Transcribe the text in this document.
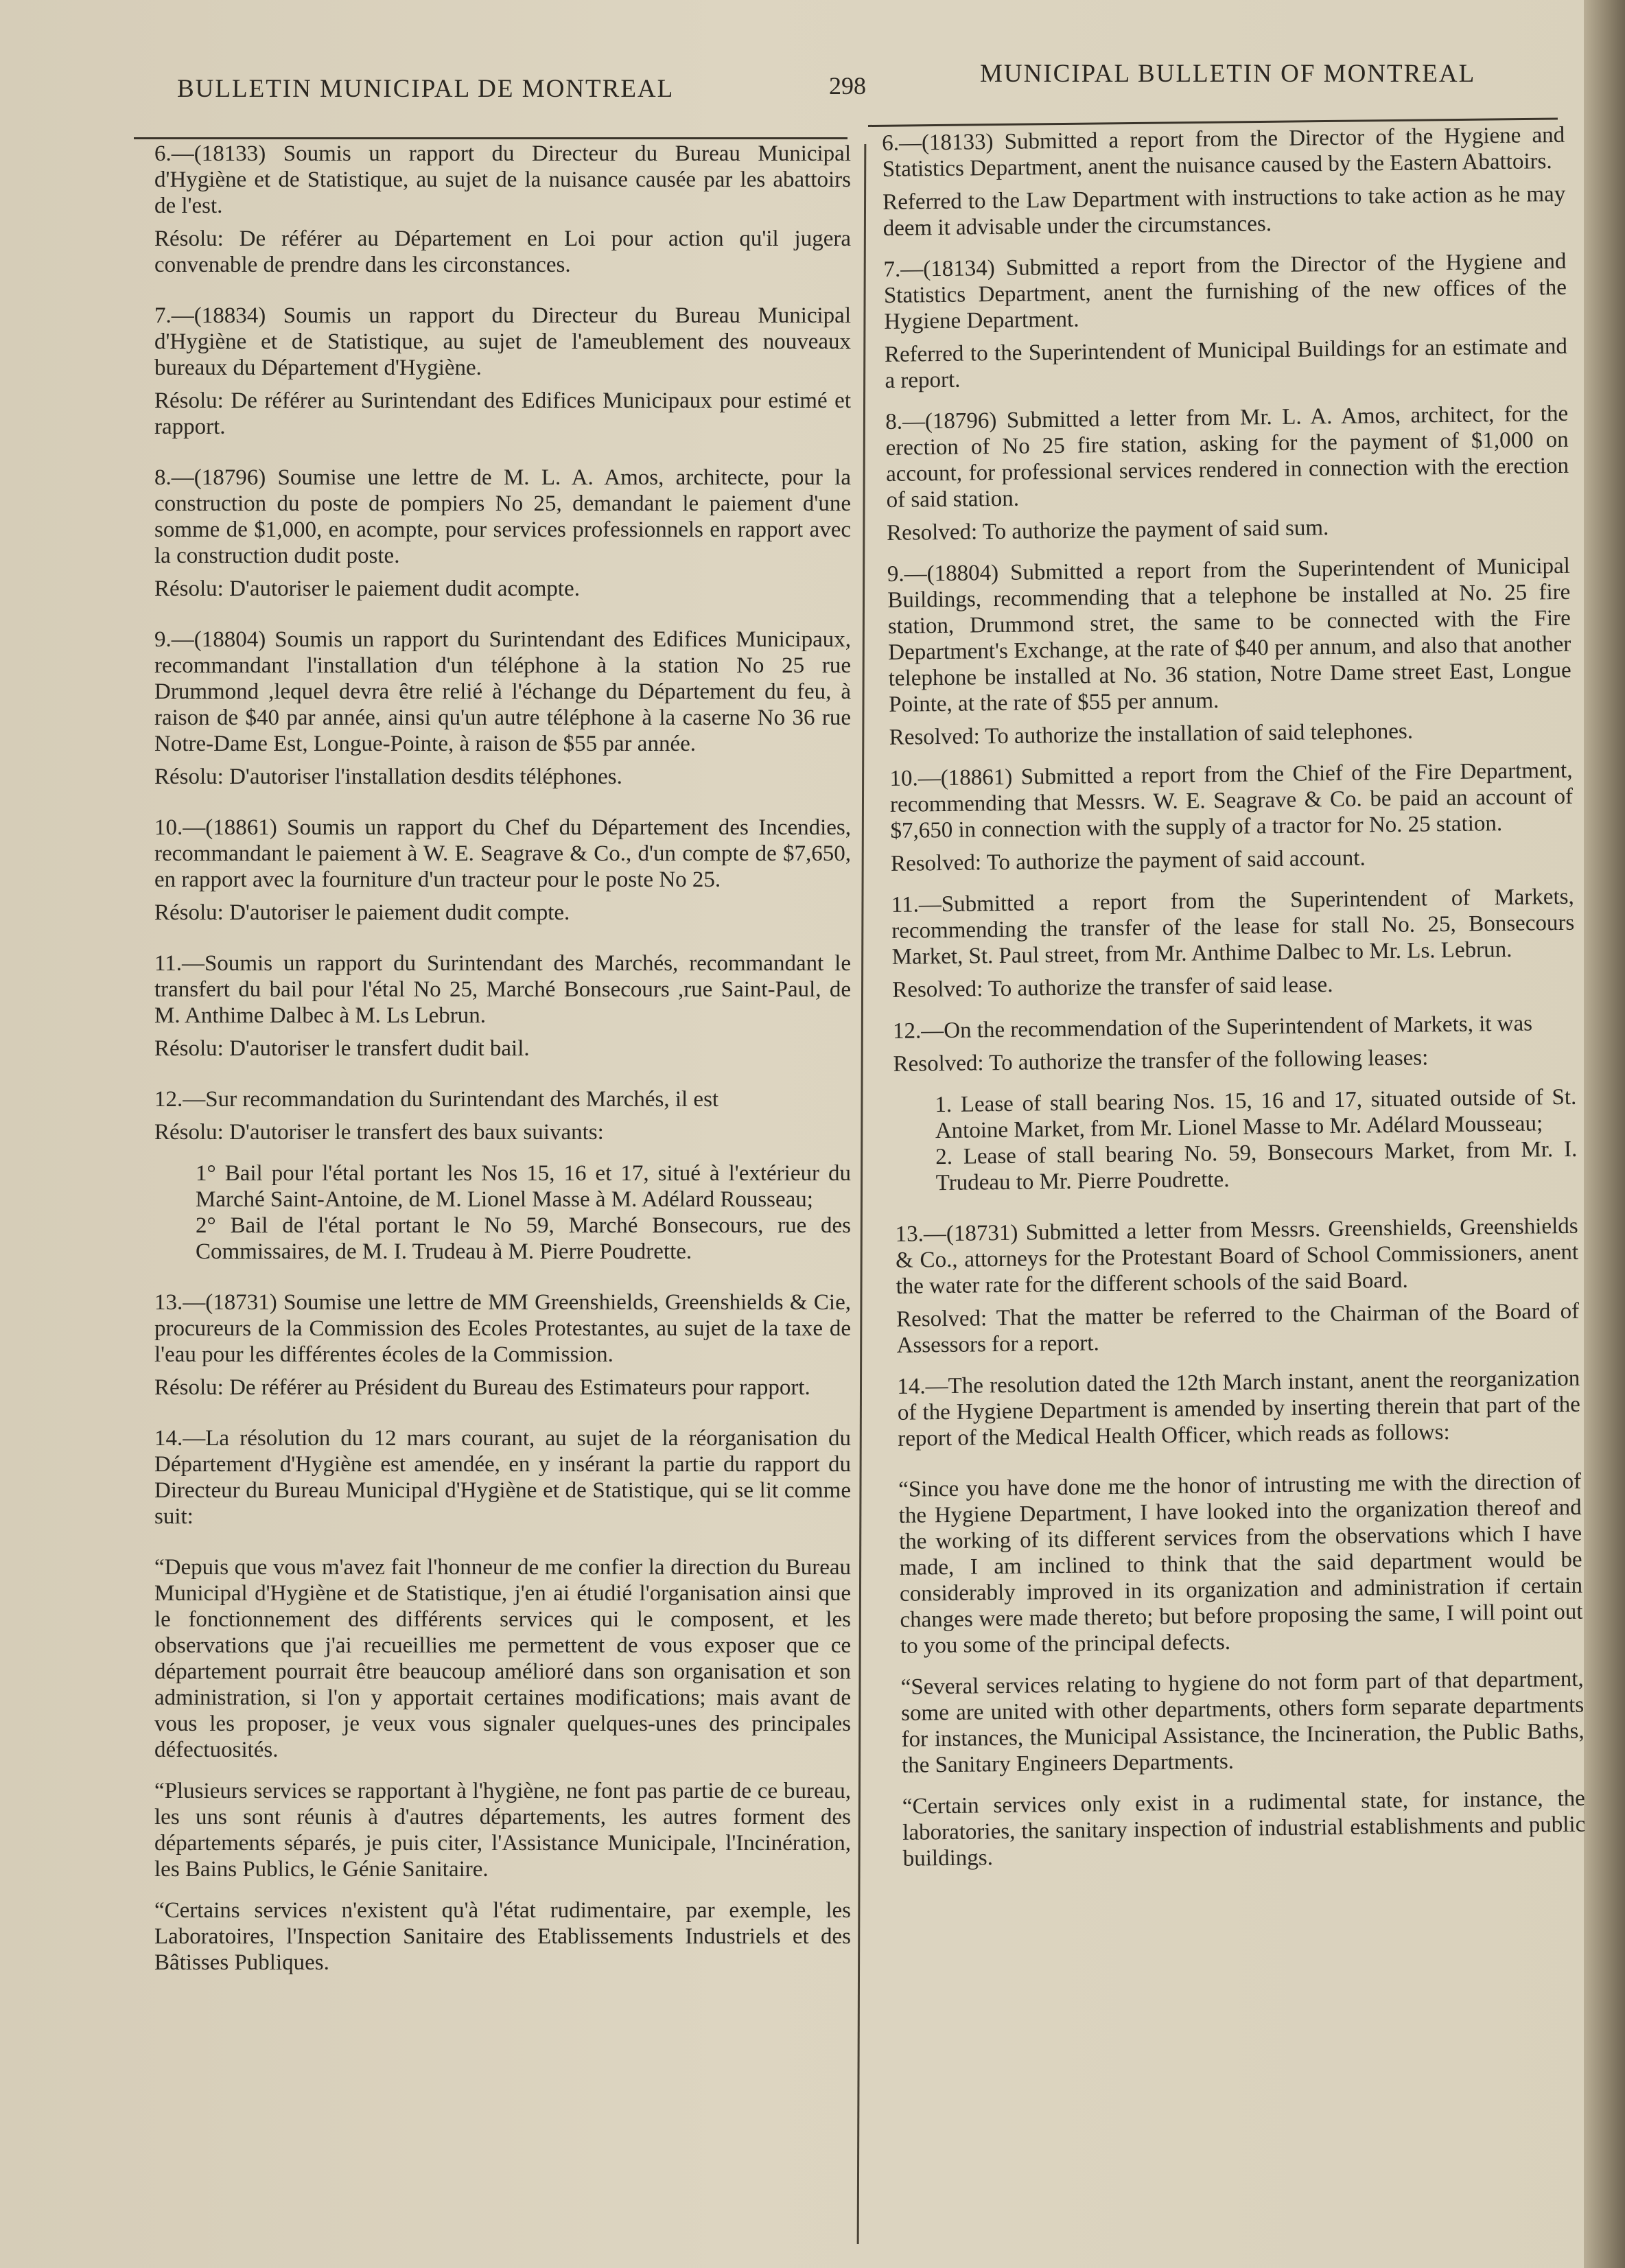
BULLETIN MUNICIPAL DE MONTREAL	298	MUNICIPAL BULLETIN OF MONTREAL

6.—(18133) Soumis un rapport du Directeur du Bureau Municipal d'Hygiène et de Statistique, au sujet de la nuisance causée par les abattoirs de l'est.

Résolu: De référer au Département en Loi pour action qu'il jugera convenable de prendre dans les circonstances.

7.—(18834) Soumis un rapport du Directeur du Bureau Municipal d'Hygiène et de Statistique, au sujet de l'ameublement des nouveaux bureaux du Département d'Hygiène.

Résolu: De référer au Surintendant des Edifices Municipaux pour estimé et rapport.

8.—(18796) Soumise une lettre de M. L. A. Amos, architecte, pour la construction du poste de pompiers No 25, demandant le paiement d'une somme de $1,000, en acompte, pour services professionnels en rapport avec la construction dudit poste.

Résolu: D'autoriser le paiement dudit acompte.

9.—(18804) Soumis un rapport du Surintendant des Edifices Municipaux, recommandant l'installation d'un téléphone à la station No 25 rue Drummond ,lequel devra être relié à l'échange du Département du feu, à raison de $40 par année, ainsi qu'un autre téléphone à la caserne No 36 rue Notre-Dame Est, Longue-Pointe, à raison de $55 par année.

Résolu: D'autoriser l'installation desdits téléphones.

10.—(18861) Soumis un rapport du Chef du Département des Incendies, recommandant le paiement à W. E. Seagrave & Co., d'un compte de $7,650, en rapport avec la fourniture d'un tracteur pour le poste No 25.

Résolu: D'autoriser le paiement dudit compte.

11.—Soumis un rapport du Surintendant des Marchés, recommandant le transfert du bail pour l'étal No 25, Marché Bonsecours ,rue Saint-Paul, de M. Anthime Dalbec à M. Ls Lebrun.

Résolu: D'autoriser le transfert dudit bail.

12.—Sur recommandation du Surintendant des Marchés, il est

Résolu: D'autoriser le transfert des baux suivants:

1° Bail pour l'étal portant les Nos 15, 16 et 17, situé à l'extérieur du Marché Saint-Antoine, de M. Lionel Masse à M. Adélard Rousseau;

2° Bail de l'étal portant le No 59, Marché Bonsecours, rue des Commissaires, de M. I. Trudeau à M. Pierre Poudrette.

13.—(18731) Soumise une lettre de MM Greenshields, Greenshields & Cie, procureurs de la Commission des Ecoles Protestantes, au sujet de la taxe de l'eau pour les différentes écoles de la Commission.

Résolu: De référer au Président du Bureau des Estimateurs pour rapport.

14.—La résolution du 12 mars courant, au sujet de la réorganisation du Département d'Hygiène est amendée, en y insérant la partie du rapport du Directeur du Bureau Municipal d'Hygiène et de Statistique, qui se lit comme suit:

“Depuis que vous m'avez fait l'honneur de me confier la direction du Bureau Municipal d'Hygiène et de Statistique, j'en ai étudié l'organisation ainsi que le fonctionnement des différents services qui le composent, et les observations que j'ai recueillies me permettent de vous exposer que ce département pourrait être beaucoup amélioré dans son organisation et son administration, si l'on y apportait certaines modifications; mais avant de vous les proposer, je veux vous signaler quelques-unes des principales défectuosités.

“Plusieurs services se rapportant à l'hygiène, ne font pas partie de ce bureau, les uns sont réunis à d'autres départements, les autres forment des départements séparés, je puis citer, l'Assistance Municipale, l'Incinération, les Bains Publics, le Génie Sanitaire.

“Certains services n'existent qu'à l'état rudimentaire, par exemple, les Laboratoires, l'Inspection Sanitaire des Etablissements Industriels et des Bâtisses Publiques.

6.—(18133) Submitted a report from the Director of the Hygiene and Statistics Department, anent the nuisance caused by the Eastern Abattoirs.

Referred to the Law Department with instructions to take action as he may deem it advisable under the circumstances.

7.—(18134) Submitted a report from the Director of the Hygiene and Statistics Department, anent the furnishing of the new offices of the Hygiene Department.

Referred to the Superintendent of Municipal Buildings for an estimate and a report.

8.—(18796) Submitted a letter from Mr. L. A. Amos, architect, for the erection of No 25 fire station, asking for the payment of $1,000 on account, for professional services rendered in connection with the erection of said station.

Resolved: To authorize the payment of said sum.

9.—(18804) Submitted a report from the Superintendent of Municipal Buildings, recommending that a telephone be installed at No. 25 fire station, Drummond stret, the same to be connected with the Fire Department's Exchange, at the rate of $40 per annum, and also that another telephone be installed at No. 36 station, Notre Dame street East, Longue Pointe, at the rate of $55 per annum.

Resolved: To authorize the installation of said telephones.

10.—(18861) Submitted a report from the Chief of the Fire Department, recommending that Messrs. W. E. Seagrave & Co. be paid an account of $7,650 in connection with the supply of a tractor for No. 25 station.

Resolved: To authorize the payment of said account.

11.—Submitted a report from the Superintendent of Markets, recommending the transfer of the lease for stall No. 25, Bonsecours Market, St. Paul street, from Mr. Anthime Dalbec to Mr. Ls. Lebrun.

Resolved: To authorize the transfer of said lease.

12.—On the recommendation of the Superintendent of Markets, it was

Resolved: To authorize the transfer of the following leases:

1. Lease of stall bearing Nos. 15, 16 and 17, situated outside of St. Antoine Market, from Mr. Lionel Masse to Mr. Adélard Mousseau;

2. Lease of stall bearing No. 59, Bonsecours Market, from Mr. I. Trudeau to Mr. Pierre Poudrette.

13.—(18731) Submitted a letter from Messrs. Greenshields, Greenshields & Co., attorneys for the Protestant Board of School Commissioners, anent the water rate for the different schools of the said Board.

Resolved: That the matter be referred to the Chairman of the Board of Assessors for a report.

14.—The resolution dated the 12th March instant, anent the reorganization of the Hygiene Department is amended by inserting therein that part of the report of the Medical Health Officer, which reads as follows:

“Since you have done me the honor of intrusting me with the direction of the Hygiene Department, I have looked into the organization thereof and the working of its different services from the observations which I have made, I am inclined to think that the said department would be considerably improved in its organization and administration if certain changes were made thereto; but before proposing the same, I will point out to you some of the principal defects.

“Several services relating to hygiene do not form part of that department, some are united with other departments, others form separate departments for instances, the Municipal Assistance, the Incineration, the Public Baths, the Sanitary Engineers Departments.

“Certain services only exist in a rudimental state, for instance, the laboratories, the sanitary inspection of industrial establishments and public buildings.
